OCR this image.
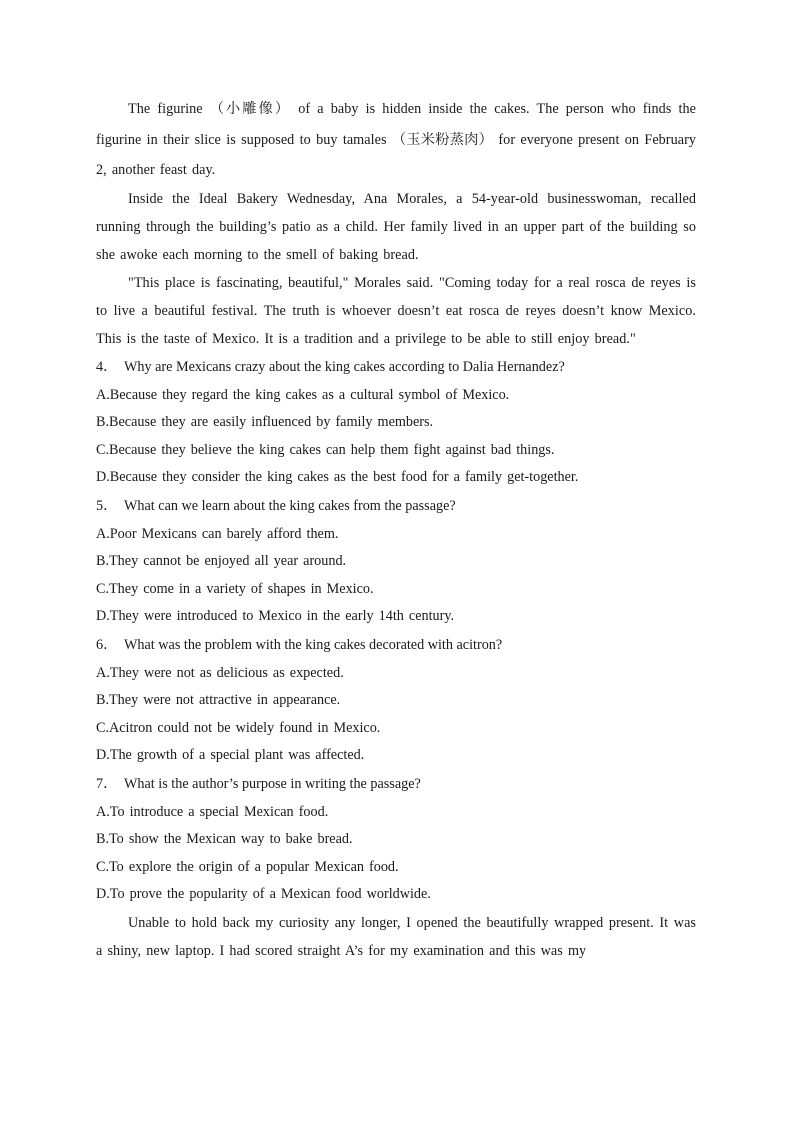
The figurine （小雕像） of a baby is hidden inside the cakes. The person who finds the figurine in their slice is supposed to buy tamales （玉米粉蒸肉） for everyone present on February 2, another feast day.

Inside the Ideal Bakery Wednesday, Ana Morales, a 54-year-old businesswoman, recalled running through the building’s patio as a child. Her family lived in an upper part of the building so she awoke each morning to the smell of baking bread.

"This place is fascinating, beautiful," Morales said. "Coming today for a real rosca de reyes is to live a beautiful festival. The truth is whoever doesn’t eat rosca de reyes doesn’t know Mexico. This is the taste of Mexico. It is a tradition and a privilege to be able to still enjoy bread."

4． Why are Mexicans crazy about the king cakes according to Dalia Hernandez?

A.Because they regard the king cakes as a cultural symbol of Mexico.

B.Because they are easily influenced by family members.

C.Because they believe the king cakes can help them fight against bad things.

D.Because they consider the king cakes as the best food for a family get-together.

5． What can we learn about the king cakes from the passage?

A.Poor Mexicans can barely afford them.

B.They cannot be enjoyed all year around.

C.They come in a variety of shapes in Mexico.

D.They were introduced to Mexico in the early 14th century.

6． What was the problem with the king cakes decorated with acitron?

A.They were not as delicious as expected.

B.They were not attractive in appearance.

C.Acitron could not be widely found in Mexico.

D.The growth of a special plant was affected.

7． What is the author’s purpose in writing the passage?

A.To introduce a special Mexican food.

B.To show the Mexican way to bake bread.

C.To explore the origin of a popular Mexican food.

D.To prove the popularity of a Mexican food worldwide.

Unable to hold back my curiosity any longer, I opened the beautifully wrapped present. It was a shiny, new laptop. I had scored straight A’s for my examination and this was my
